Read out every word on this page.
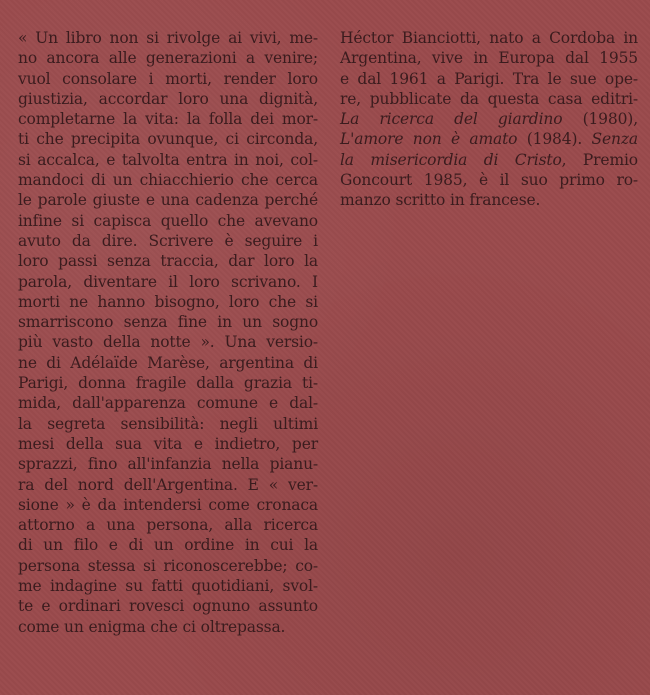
« Un libro non si rivolge ai vivi, me-
no ancora alle generazioni a venire;
vuol consolare i morti, render loro
giustizia, accordar loro una dignità,
completarne la vita: la folla dei mor-
ti che precipita ovunque, ci circonda,
si accalca, e talvolta entra in noi, col-
mandoci di un chiacchierio che cerca
le parole giuste e una cadenza perché
infine si capisca quello che avevano
avuto da dire. Scrivere è seguire i
loro passi senza traccia, dar loro la
parola, diventare il loro scrivano. I
morti ne hanno bisogno, loro che si
smarriscono senza fine in un sogno
più vasto della notte ». Una versio-
ne di Adélaïde Marèse, argentina di
Parigi, donna fragile dalla grazia ti-
mida, dall'apparenza comune e dal-
la segreta sensibilità: negli ultimi
mesi della sua vita e indietro, per
sprazzi, fino all'infanzia nella pianu-
ra del nord dell'Argentina. E « ver-
sione » è da intendersi come cronaca
attorno a una persona, alla ricerca
di un filo e di un ordine in cui la
persona stessa si riconoscerebbe; co-
me indagine su fatti quotidiani, svol-
te e ordinari rovesci ognuno assunto
come un enigma che ci oltrepassa.
Héctor Bianciotti, nato a Cordoba in
Argentina, vive in Europa dal 1955
e dal 1961 a Parigi. Tra le sue ope-
re, pubblicate da questa casa editri-
La ricerca del giardino (1980),
L'amore non è amato (1984). Senza
la misericordia di Cristo, Premio
Goncourt 1985, è il suo primo ro-
manzo scritto in francese.
